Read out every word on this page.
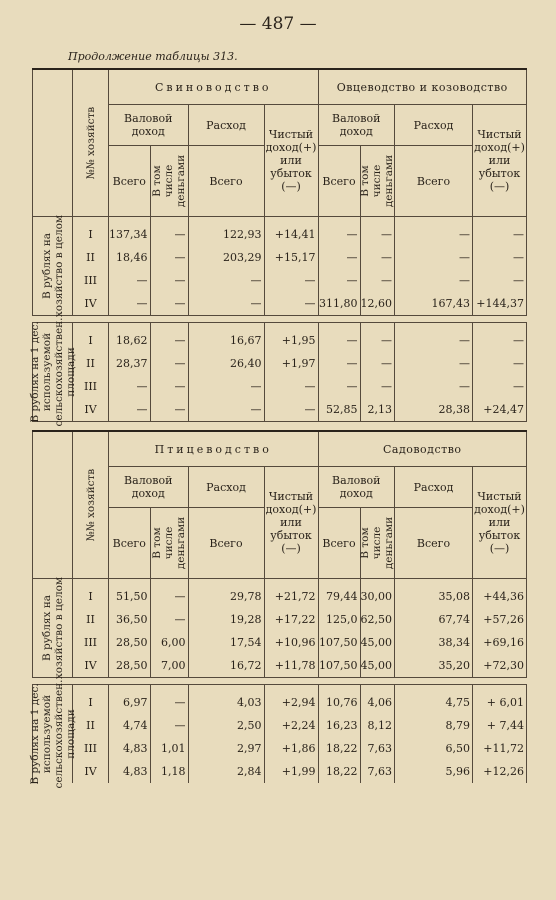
— 487 —
Продолжение таблицы 313.

	№№ хозяйств	Свиноводство				Овцеводство и козоводство			
		Валовой доход		Расход	Чистый доход(+) или убыток (—)	Валовой доход		Расход	Чистый доход(+) или убыток (—)
		Всего	В том числе деньгами	Всего		Всего	В том числе деньгами	Всего	

В рублях на хозяйство в целом	I	137,34	—	122,93	+14,41	—	—	—	—
	II	18,46	—	203,29	+15,17	—	—	—	—
	III	—	—	—	—	—	—	—	—
	IV	—	—	—	—	311,80	12,60	167,43	+144,37

В рублях на 1 дес. используемой сельскохозяйствен. площади	I	18,62	—	16,67	+1,95	—	—	—	—
	II	28,37	—	26,40	+1,97	—	—	—	—
	III	—	—	—	—	—	—	—	—
	IV	—	—	—	—	52,85	2,13	28,38	+24,47

	№№ хозяйств	Птицеводство				Садоводство			
		Валовой доход		Расход	Чистый доход(+) или убыток (—)	Валовой доход		Расход	Чистый доход(+) или убыток (—)
		Всего	В том числе деньгами	Всего		Всего	В том числе деньгами	Всего	

В рублях на хозяйство в целом	I	51,50	—	29,78	+21,72	79,44	30,00	35,08	+44,36
	II	36,50	—	19,28	+17,22	125,0	62,50	67,74	+57,26
	III	28,50	6,00	17,54	+10,96	107,50	45,00	38,34	+69,16
	IV	28,50	7,00	16,72	+11,78	107,50	45,00	35,20	+72,30

В рублях на 1 дес. используемой сельскохозяйствен. площади	I	6,97	—	4,03	+2,94	10,76	4,06	4,75	+ 6,01
	II	4,74	—	2,50	+2,24	16,23	8,12	8,79	+ 7,44
	III	4,83	1,01	2,97	+1,86	18,22	7,63	6,50	+11,72
	IV	4,83	1,18	2,84	+1,99	18,22	7,63	5,96	+12,26
